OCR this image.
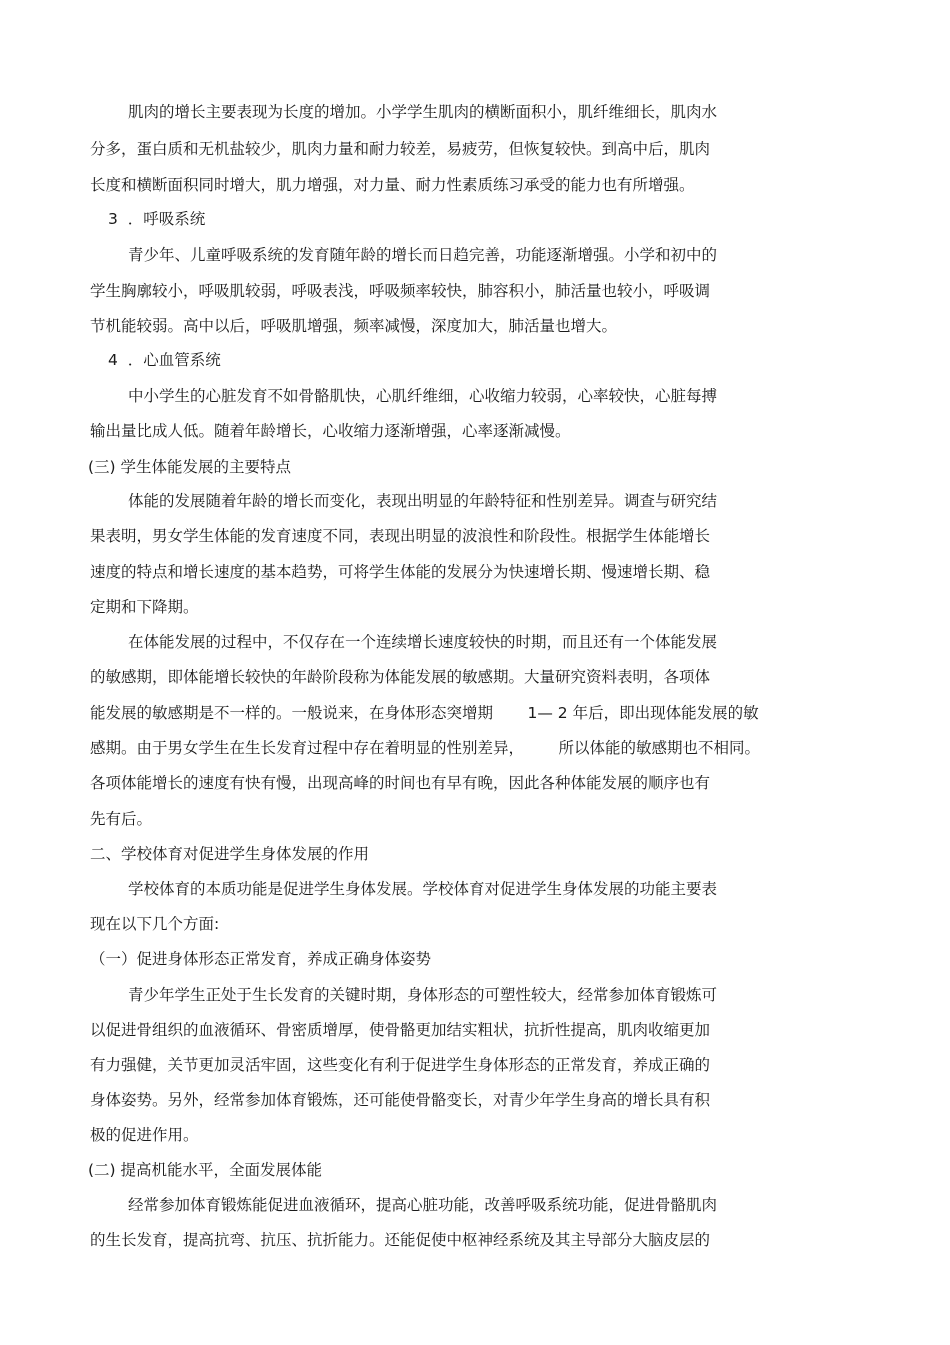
肌肉的增长主要表现为长度的增加。小学学生肌肉的横断面积小，肌纤维细长，肌肉水
分多，蛋白质和无机盐较少，肌肉力量和耐力较差，易疲劳，但恢复较快。到高中后，肌肉
长度和横断面积同时增大，肌力增强，对力量、耐力性素质练习承受的能力也有所增强。
3  ．呼吸系统
青少年、儿童呼吸系统的发育随年龄的增长而日趋完善，功能逐渐增强。小学和初中的
学生胸廓较小，呼吸肌较弱，呼吸表浅，呼吸频率较快，肺容积小，肺活量也较小，呼吸调
节机能较弱。高中以后，呼吸肌增强，频率减慢，深度加大，肺活量也增大。
4  ．心血管系统
中小学生的心脏发育不如骨骼肌快，心肌纤维细，心收缩力较弱，心率较快，心脏每搏
输出量比成人低。随着年龄增长，心收缩力逐渐增强，心率逐渐减慢。
(三) 学生体能发展的主要特点
体能的发展随着年龄的增长而变化，表现出明显的年龄特征和性别差异。调查与研究结
果表明，男女学生体能的发育速度不同，表现出明显的波浪性和阶段性。根据学生体能增长
速度的特点和增长速度的基本趋势，可将学生体能的发展分为快速增长期、慢速增长期、稳
定期和下降期。
在体能发展的过程中，不仅存在一个连续增长速度较快的时期，而且还有一个体能发展
的敏感期，即体能增长较快的年龄阶段称为体能发展的敏感期。大量研究资料表明，各项体
能发展的敏感期是不一样的。一般说来，在身体形态突增期       1— 2 年后，即出现体能发展的敏
感期。由于男女学生在生长发育过程中存在着明显的性别差异，       所以体能的敏感期也不相同。
各项体能增长的速度有快有慢，出现高峰的时间也有早有晚，因此各种体能发展的顺序也有
先有后。
二、学校体育对促进学生身体发展的作用
学校体育的本质功能是促进学生身体发展。学校体育对促进学生身体发展的功能主要表
现在以下几个方面:
（一）促进身体形态正常发育，养成正确身体姿势
青少年学生正处于生长发育的关键时期，身体形态的可塑性较大，经常参加体育锻炼可
以促进骨组织的血液循环、骨密质增厚，使骨骼更加结实粗状，抗折性提高，肌肉收缩更加
有力强健，关节更加灵活牢固，这些变化有利于促进学生身体形态的正常发育，养成正确的
身体姿势。另外，经常参加体育锻炼，还可能使骨骼变长，对青少年学生身高的增长具有积
极的促进作用。
(二) 提高机能水平，全面发展体能
经常参加体育锻炼能促进血液循环，提高心脏功能，改善呼吸系统功能，促进骨骼肌肉
的生长发育，提高抗弯、抗压、抗折能力。还能促使中枢神经系统及其主导部分大脑皮层的
